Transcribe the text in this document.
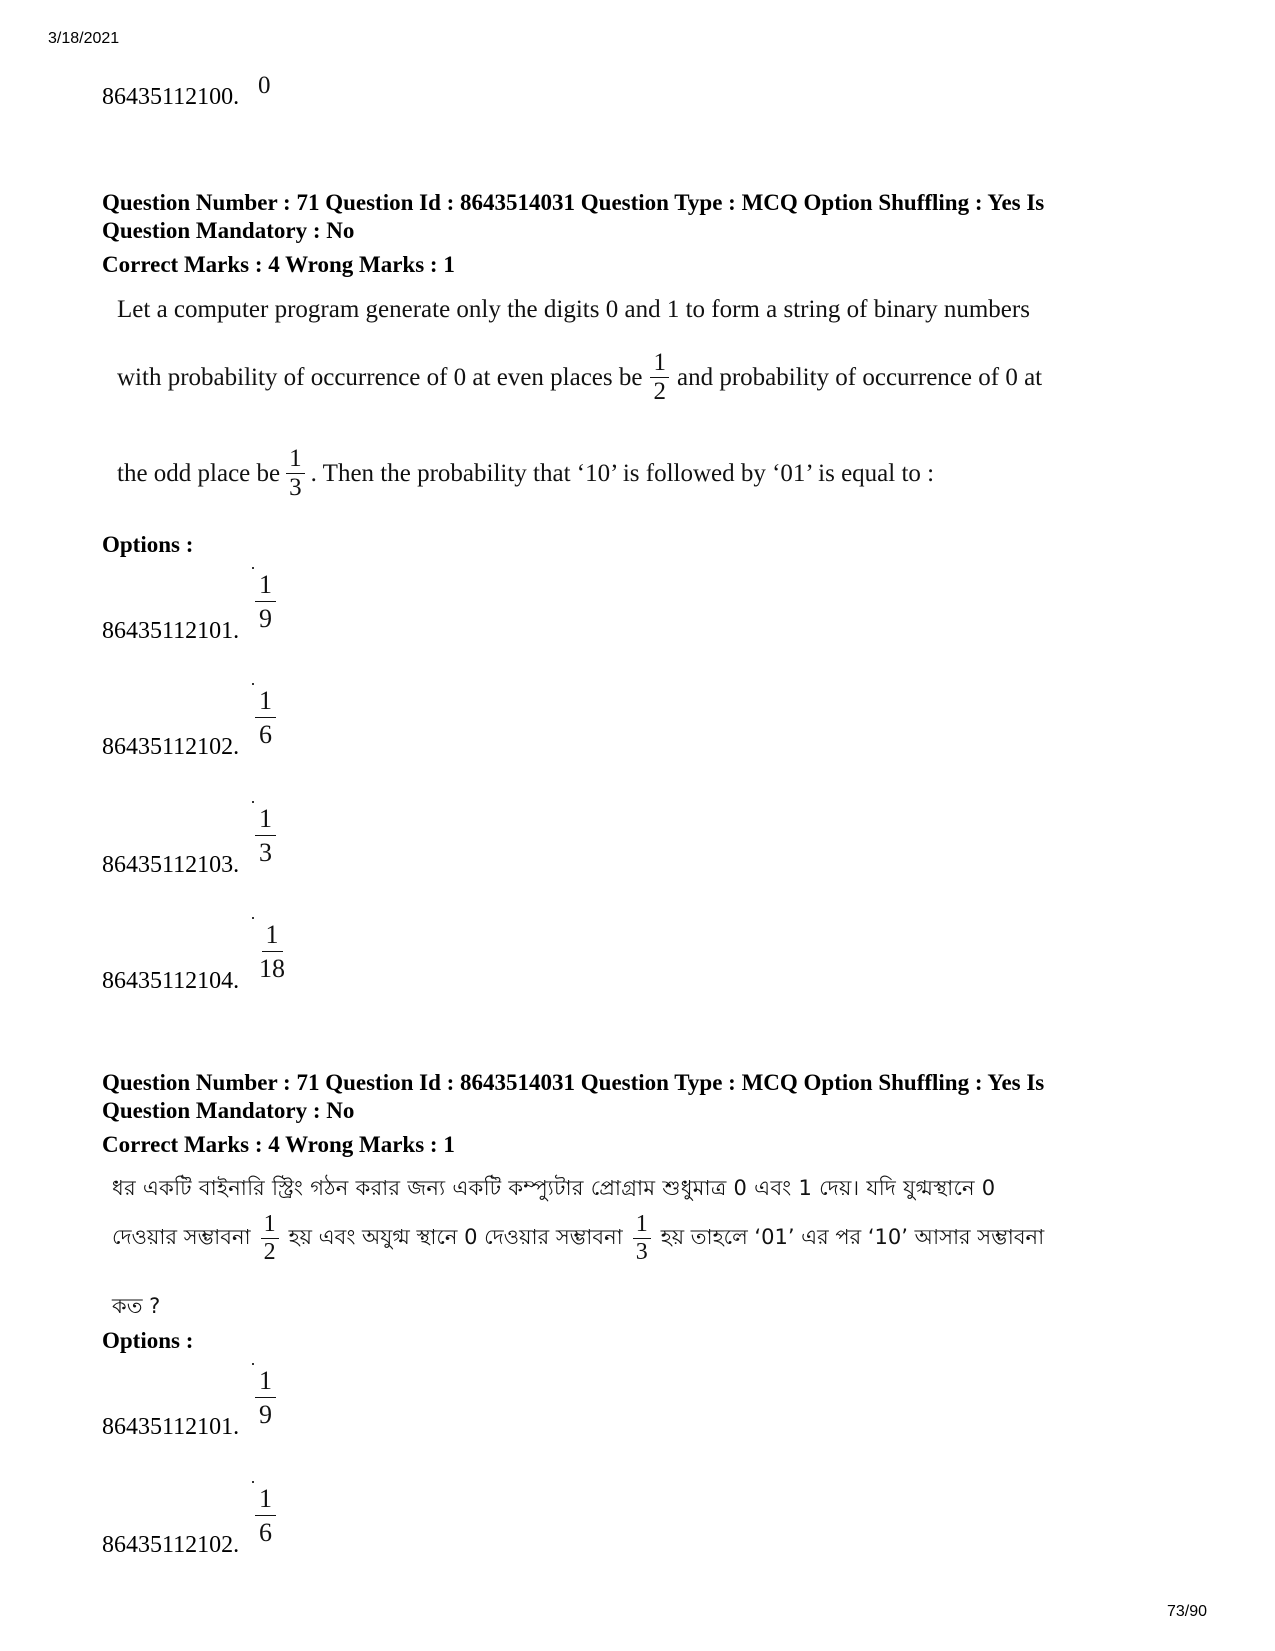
3/18/2021
86435112100. 0
Question Number : 71 Question Id : 8643514031 Question Type : MCQ Option Shuffling : Yes Is
Question Mandatory : No
Correct Marks : 4 Wrong Marks : 1
Let a computer program generate only the digits 0 and 1 to form a string of binary numbers
with probability of occurrence of 0 at even places be $\frac{1}{2}$ and probability of occurrence of 0 at
the odd place be $\frac{1}{3}$ . Then the probability that ‘10’ is followed by ‘01’ is equal to :
Options :
86435112101. $\frac{1}{9}$
86435112102. $\frac{1}{6}$
86435112103. $\frac{1}{3}$
86435112104. $\frac{1}{18}$
Question Number : 71 Question Id : 8643514031 Question Type : MCQ Option Shuffling : Yes Is
Question Mandatory : No
Correct Marks : 4 Wrong Marks : 1
ধর একটি বাইনারি স্ট্রিং গঠন করার জন্য একটি কম্প্যুটার প্রোগ্রাম শুধুমাত্র 0 এবং 1 দেয়। যদি যুগ্মস্থানে 0
দেওয়ার সম্ভাবনা $\frac{1}{2}$ হয় এবং অযুগ্ম স্থানে 0 দেওয়ার সম্ভাবনা $\frac{1}{3}$ হয় তাহলে ‘01’ এর পর ‘10’ আসার সম্ভাবনা
কত ?
Options :
86435112101. $\frac{1}{9}$
86435112102. $\frac{1}{6}$
73/90
